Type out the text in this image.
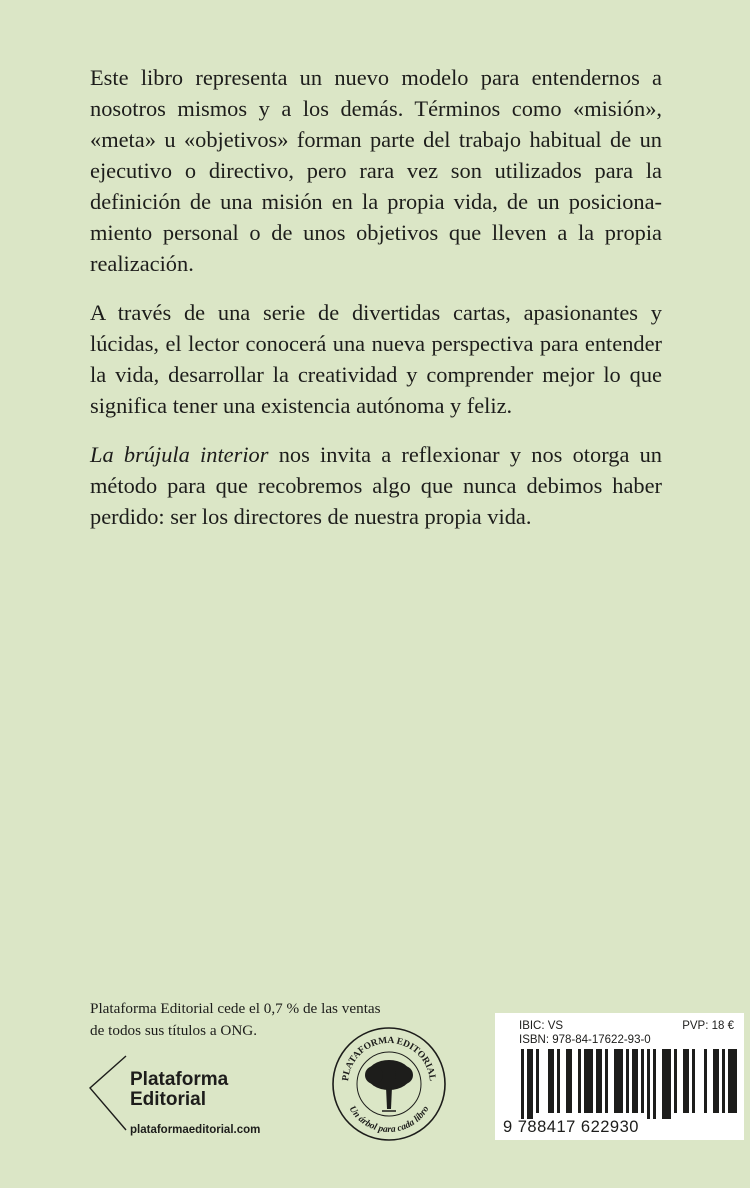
Este libro representa un nuevo modelo para entendernos a nosotros mismos y a los demás. Términos como «misión», «meta» u «objetivos» forman parte del trabajo habitual de un ejecutivo o directivo, pero rara vez son utilizados para la definición de una misión en la propia vida, de un posicionamiento personal o de unos objetivos que lleven a la propia realización.

A través de una serie de divertidas cartas, apasionantes y lúcidas, el lector conocerá una nueva perspectiva para entender la vida, desarrollar la creatividad y comprender mejor lo que significa tener una existencia autónoma y feliz.

La brújula interior nos invita a reflexionar y nos otorga un método para que recobremos algo que nunca debimos haber perdido: ser los directores de nuestra propia vida.

Plataforma Editorial cede el 0,7 % de las ventas
de todos sus títulos a ONG.
Plataforma
Editorial
plataformaeditorial.com
PLATAFORMA EDITORIAL
Un árbol para cada libro
IBIC: VS	PVP: 18 €
ISBN: 978-84-17622-93-0
9 788417 622930
